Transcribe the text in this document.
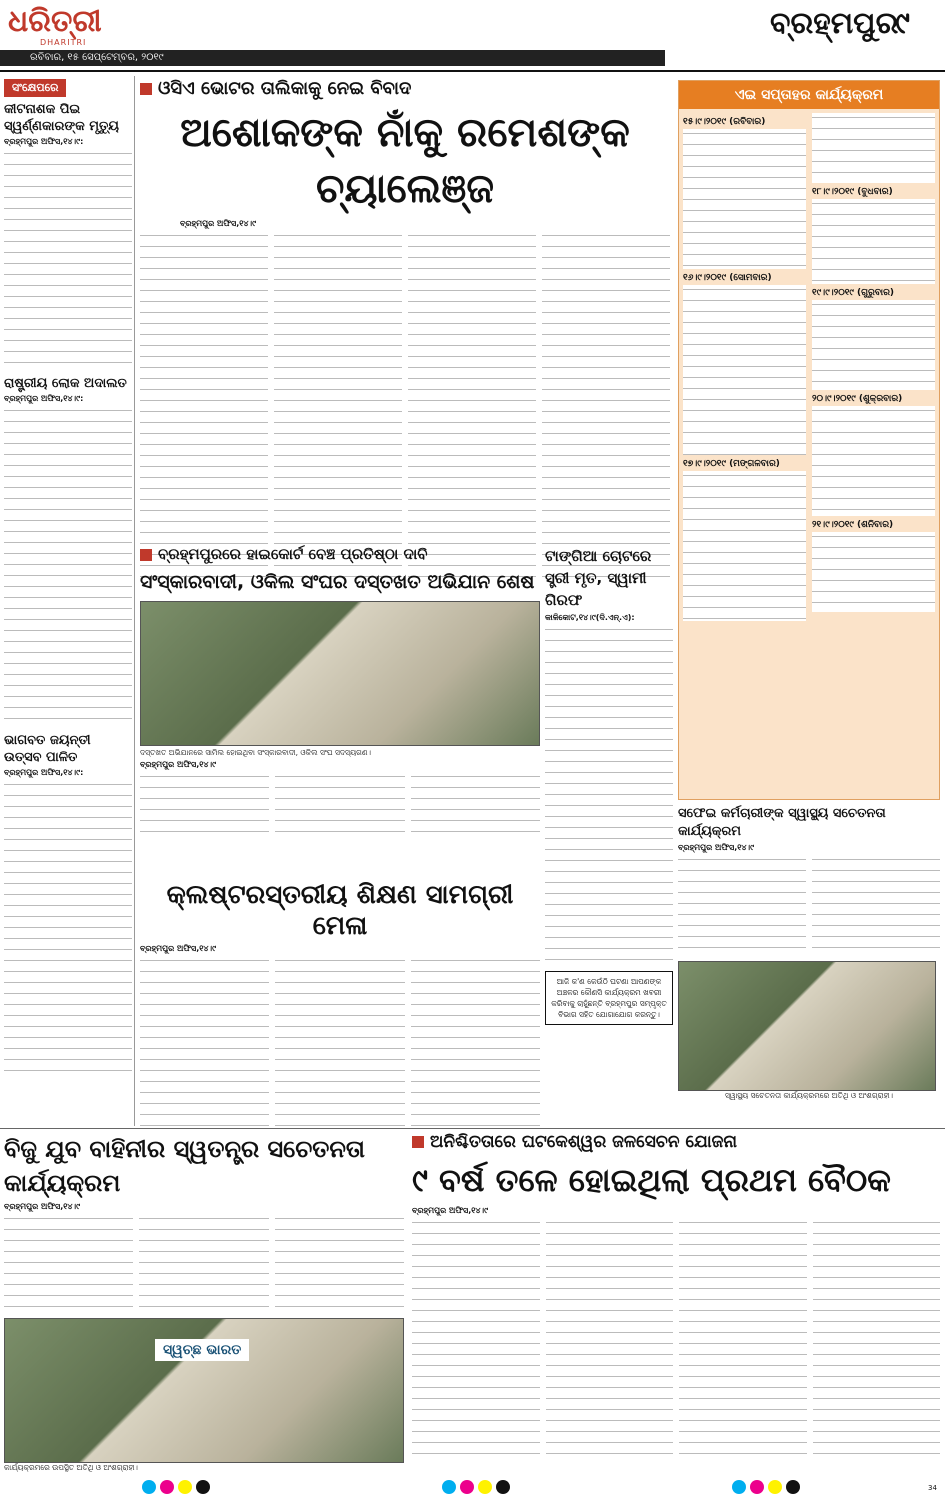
ଧରିତ୍ରୀ
DHARITRI
ରବିବାର, ୧୫ ସେପ୍ଟେମ୍ବର, ୨୦୧୯
ବ୍ରହ୍ମପୁର
୯
ସଂକ୍ଷେପରେ
କୀଟନାଶକ ପିଇ ସ୍ୱର୍ଣ୍ଣକାରଙ୍କ ମୃତ୍ୟୁ
ବ୍ରହ୍ମପୁର ଅଫିସ,୧୪।୯:
ରାଷ୍ଟ୍ରୀୟ ଲୋକ ଅଦାଲତ
ବ୍ରହ୍ମପୁର ଅଫିସ,୧୪।୯:
ଭାଗବତ ଜୟନ୍ତୀ ଉତ୍ସବ ପାଳିତ
ବ୍ରହ୍ମପୁର ଅଫିସ,୧୪।୯:
ଓସିଏ ଭୋଟର ତାଲିକାକୁ ନେଇ ବିବାଦ
ଅଶୋକଙ୍କ ନାଁକୁ ରମେଶଙ୍କ ଚ୍ୟାଲେଞ୍ଜ
ବ୍ରହ୍ମପୁର ଅଫିସ,୧୪।୯
ଏଇ ସପ୍ତାହର କାର୍ଯ୍ୟକ୍ରମ
୧୫।୯।୨୦୧୯ (ରବିବାର)
୧୬।୯।୨୦୧୯ (ସୋମବାର)
୧୭।୯।୨୦୧୯ (ମଙ୍ଗଳବାର)
୧୮।୯।୨୦୧୯ (ବୁଧବାର)
୧୯।୯।୨୦୧୯ (ଗୁରୁବାର)
୨୦।୯।୨୦୧୯ (ଶୁକ୍ରବାର)
୨୧।୯।୨୦୧୯ (ଶନିବାର)
ବ୍ରହ୍ମପୁରରେ ହାଇକୋର୍ଟ ବେଞ୍ଚ ପ୍ରତିଷ୍ଠା ଦାବି
ସଂସ୍କାରବାଦୀ, ଓକିଲ ସଂଘର ଦସ୍ତଖତ ଅଭିଯାନ ଶେଷ
ଦସ୍ତଖତ ଅଭିଯାନରେ ସାମିଲ ହୋଇଥିବା ସଂସ୍କାରବାଦୀ, ଓକିଲ ସଂଘ ସଦସ୍ୟଗଣ।
ବ୍ରହ୍ମପୁର ଅଫିସ,୧୪।୯
ଟାଙ୍ଗିଆ ଚୋଟରେ ସ୍ତ୍ରୀ ମୃତ, ସ୍ୱାମୀ ଗିରଫ
କାଳିକୋଟ,୧୪।୯(ଦି.ଏନ୍‌.ଏ):
ଆଜି କ'ଣ କେଉଁଠି ଘଟଣା ଆପଣଙ୍କ ଅଞ୍ଚଳର କୌଣସି କାର୍ଯ୍ୟକ୍ରମ ଖବରୀ କରିବାକୁ ଚାହୁଁଛନ୍ତି ବ୍ରହ୍ମପୁର ସମ୍ପୃକ୍ତ ବିଭାଗ ସହିତ ଯୋଗାଯୋଗ କରନ୍ତୁ।
ସଫେଇ କର୍ମଚାରୀଙ୍କ ସ୍ୱାସ୍ଥ୍ୟ ସଚେତନତା କାର୍ଯ୍ୟକ୍ରମ
ବ୍ରହ୍ମପୁର ଅଫିସ,୧୪।୯
ସ୍ୱାସ୍ଥ୍ୟ ସଚେତନତା କାର୍ଯ୍ୟକ୍ରମରେ ଅତିଥି ଓ ଅଂଶଗ୍ରାହୀ।
କ୍ଲଷ୍ଟରସ୍ତରୀୟ ଶିକ୍ଷଣ ସାମଗ୍ରୀ ମେଳା
ବ୍ରହ୍ମପୁର ଅଫିସ,୧୪।୯
ବିଜୁ ଯୁବ ବାହିନୀର ସ୍ୱତନ୍ତ୍ର ସଚେତନତା କାର୍ଯ୍ୟକ୍ରମ
ବ୍ରହ୍ମପୁର ଅଫିସ,୧୪।୯
ସ୍ୱଚ୍ଛ ଭାରତ
କାର୍ଯ୍ୟକ୍ରମରେ ଉପସ୍ଥିତ ଅତିଥି ଓ ଅଂଶଗ୍ରାହୀ।
ଅନିଶ୍ଚିତତାରେ ଘଟକେଶ୍ୱର ଜଳସେଚନ ଯୋଜନା
୯ ବର୍ଷ ତଳେ ହୋଇଥିଲା ପ୍ରଥମ ବୈଠକ
ବ୍ରହ୍ମପୁର ଅଫିସ,୧୪।୯
34
